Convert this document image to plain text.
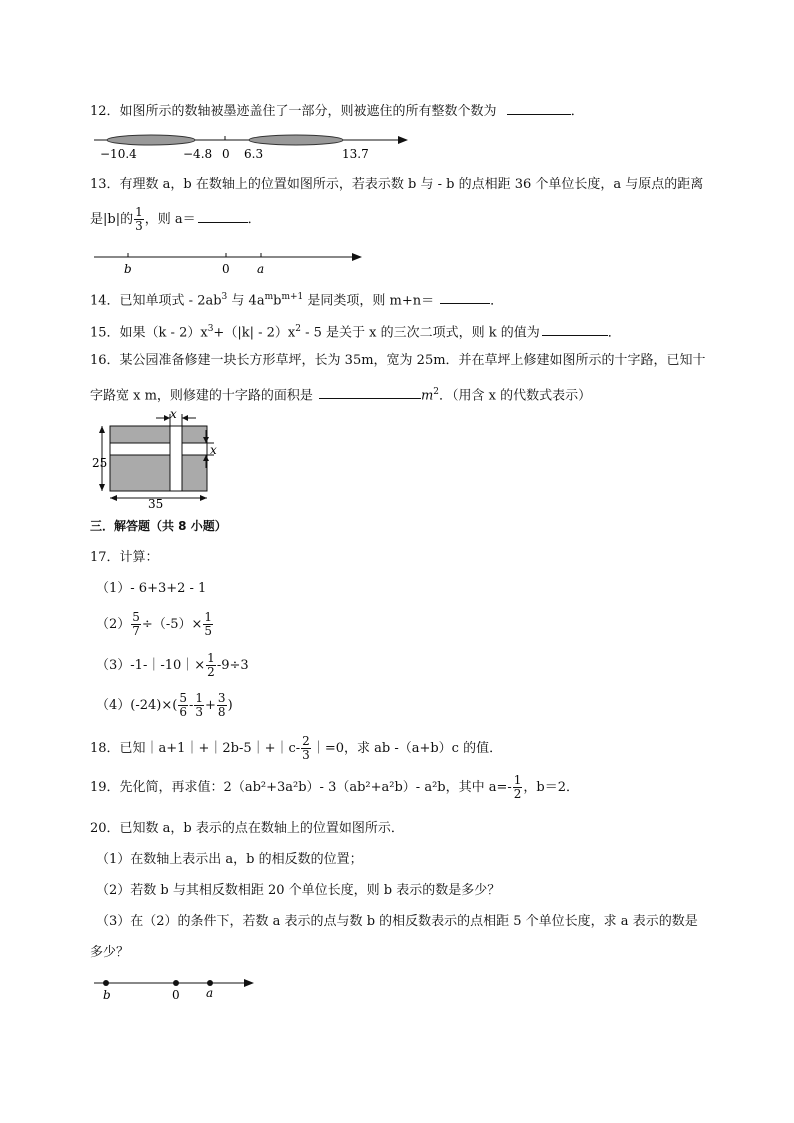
12．如图所示的数轴被墨迹盖住了一部分，则被遮住的所有整数个数为	．
−10.4	−4.8 0 6.3	13.7
13．有理数 a，b 在数轴上的位置如图所示，若表示数 b 与 - b 的点相距 36 个单位长度，a 与原点的距离
是|b|的 $\frac{1}{3}$ ，则 a＝	．
b	0 a
14．已知单项式 - $2ab^3$ 与 $4a^mb^{m+1}$ 是同类项，则 m+n＝	．
15．如果$(k - 2)x^3+(|k| - 2)x^2 - 5$ 是关于 x 的三次二项式，则 k 的值为	．
16．某公园准备修建一块长方形草坪，长为 35m，宽为 25m．并在草坪上修建如图所示的十字路，已知十
字路宽 x m，则修建的十字路的面积是	$m^2$．（用含 x 的代数式表示）
x
x
25
35
三．解答题（共 8 小题）
17．计算：
（1）- 6+3+2 - 1
$(2) \frac{5}{7} \div(-5)\times \frac{1}{5}$
（3）-1-｜-10｜× $\frac{1}{2} -9\div 3$
$(4)(-24)\times( \frac{5}{6} - \frac{1}{3} + \frac{3}{8}$ )
18．已知｜a+1｜+｜2b-5｜+｜c- $\frac{2}{3}$ ｜=0，求 ab -（a+b）c 的值．
19．先化简，再求值：2（ab²+3a²b）- 3（ab²+a²b）- a²b，其中 $a=- \frac{1}{2}$ ，b＝2．
20．已知数 a，b 表示的点在数轴上的位置如图所示．
（1）在数轴上表示出 a，b 的相反数的位置；
（2）若数 b 与其相反数相距 20 个单位长度，则 b 表示的数是多少？
（3）在（2）的条件下，若数 a 表示的点与数 b 的相反数表示的点相距 5 个单位长度，求 a 表示的数是
多少？
b	0 a
